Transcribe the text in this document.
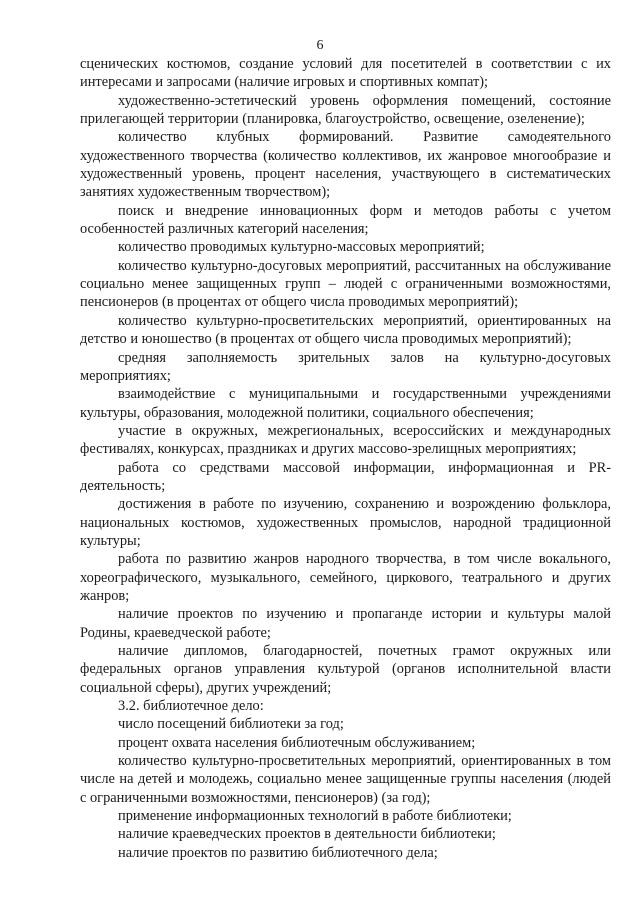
6

сценических костюмов, создание условий для посетителей в соответствии с их интересами и запросами (наличие игровых и спортивных компат);

художественно-эстетический уровень оформления помещений, состояние прилегающей территории (планировка, благоустройство, освещение, озеленение);

количество клубных формирований. Развитие самодеятельного художественного творчества (количество коллективов, их жанровое многообразие и художественный уровень, процент населения, участвующего в систематических занятиях художественным творчеством);

поиск и внедрение инновационных форм и методов работы с учетом особенностей различных категорий населения;

количество проводимых культурно-массовых мероприятий;

количество культурно-досуговых мероприятий, рассчитанных на обслуживание социально менее защищенных групп – людей с ограниченными возможностями, пенсионеров (в процентах от общего числа проводимых мероприятий);

количество культурно-просветительских мероприятий, ориентированных на детство и юношество (в процентах от общего числа проводимых мероприятий);

средняя заполняемость зрительных залов на культурно-досуговых мероприятиях;

взаимодействие с муниципальными и государственными учреждениями культуры, образования, молодежной политики, социального обеспечения;

участие в окружных, межрегиональных, всероссийских и международных фестивалях, конкурсах, праздниках и других массово-зрелищных мероприятиях;

работа со средствами массовой информации, информационная и PR-деятельность;

достижения в работе по изучению, сохранению и возрождению фольклора, национальных костюмов, художественных промыслов, народной традиционной культуры;

работа по развитию жанров народного творчества, в том числе вокального, хореографического, музыкального, семейного, циркового, театрального и других жанров;

наличие проектов по изучению и пропаганде истории и культуры малой Родины, краеведческой работе;

наличие дипломов, благодарностей, почетных грамот окружных или федеральных органов управления культурой (органов исполнительной власти социальной сферы), других учреждений;

3.2. библиотечное дело:

число посещений библиотеки за год;

процент охвата населения библиотечным обслуживанием;

количество культурно-просветительных мероприятий, ориентированных в том числе на детей и молодежь, социально менее защищенные группы населения (людей с ограниченными возможностями, пенсионеров) (за год);

применение информационных технологий в работе библиотеки;

наличие краеведческих проектов в деятельности библиотеки;

наличие проектов по развитию библиотечного дела;
